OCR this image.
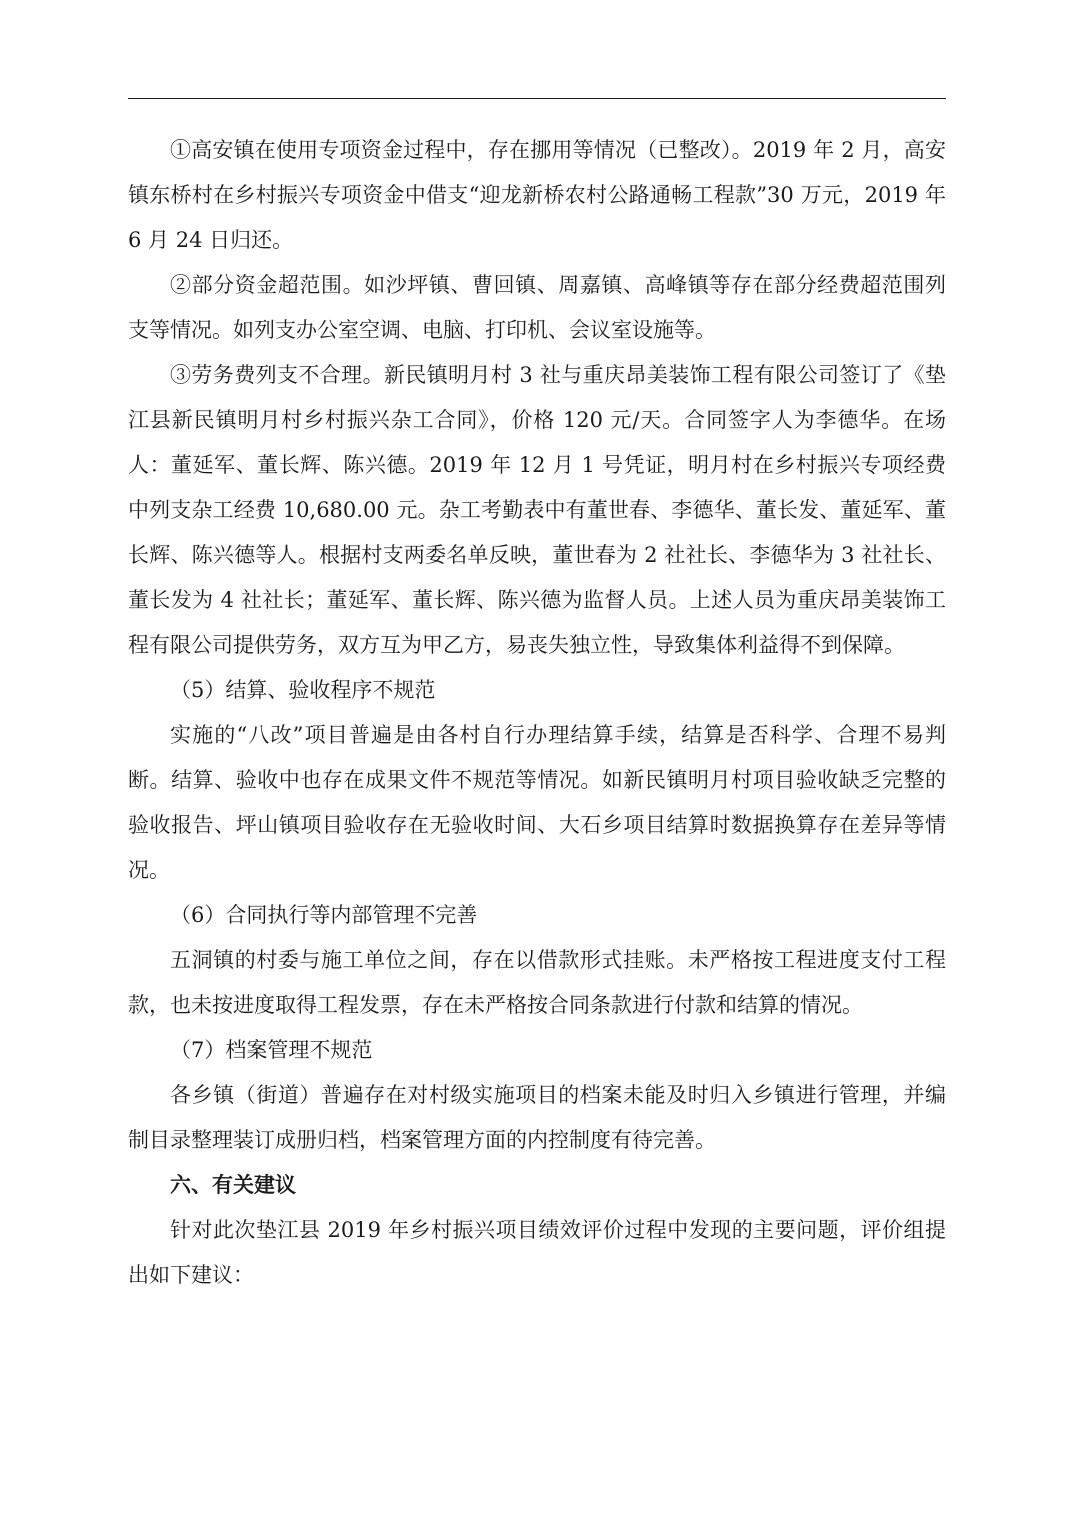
①高安镇在使用专项资金过程中，存在挪用等情况（已整改）。2019 年 2 月，高安镇东桥村在乡村振兴专项资金中借支“迎龙新桥农村公路通畅工程款”30 万元，2019 年 6 月 24 日归还。

②部分资金超范围。如沙坪镇、曹回镇、周嘉镇、高峰镇等存在部分经费超范围列支等情况。如列支办公室空调、电脑、打印机、会议室设施等。

③劳务费列支不合理。新民镇明月村 3 社与重庆昂美装饰工程有限公司签订了《垫江县新民镇明月村乡村振兴杂工合同》，价格 120 元/天。合同签字人为李德华。在场人：董延军、董长辉、陈兴德。2019 年 12 月 1 号凭证，明月村在乡村振兴专项经费中列支杂工经费 10,680.00 元。杂工考勤表中有董世春、李德华、董长发、董延军、董长辉、陈兴德等人。根据村支两委名单反映，董世春为 2 社社长、李德华为 3 社社长、董长发为 4 社社长；董延军、董长辉、陈兴德为监督人员。上述人员为重庆昂美装饰工程有限公司提供劳务，双方互为甲乙方，易丧失独立性，导致集体利益得不到保障。

（5）结算、验收程序不规范

实施的“八改”项目普遍是由各村自行办理结算手续，结算是否科学、合理不易判断。结算、验收中也存在成果文件不规范等情况。如新民镇明月村项目验收缺乏完整的验收报告、坪山镇项目验收存在无验收时间、大石乡项目结算时数据换算存在差异等情况。

（6）合同执行等内部管理不完善

五洞镇的村委与施工单位之间，存在以借款形式挂账。未严格按工程进度支付工程款，也未按进度取得工程发票，存在未严格按合同条款进行付款和结算的情况。

（7）档案管理不规范

各乡镇（街道）普遍存在对村级实施项目的档案未能及时归入乡镇进行管理，并编制目录整理装订成册归档，档案管理方面的内控制度有待完善。

六、有关建议

针对此次垫江县 2019 年乡村振兴项目绩效评价过程中发现的主要问题，评价组提出如下建议：
